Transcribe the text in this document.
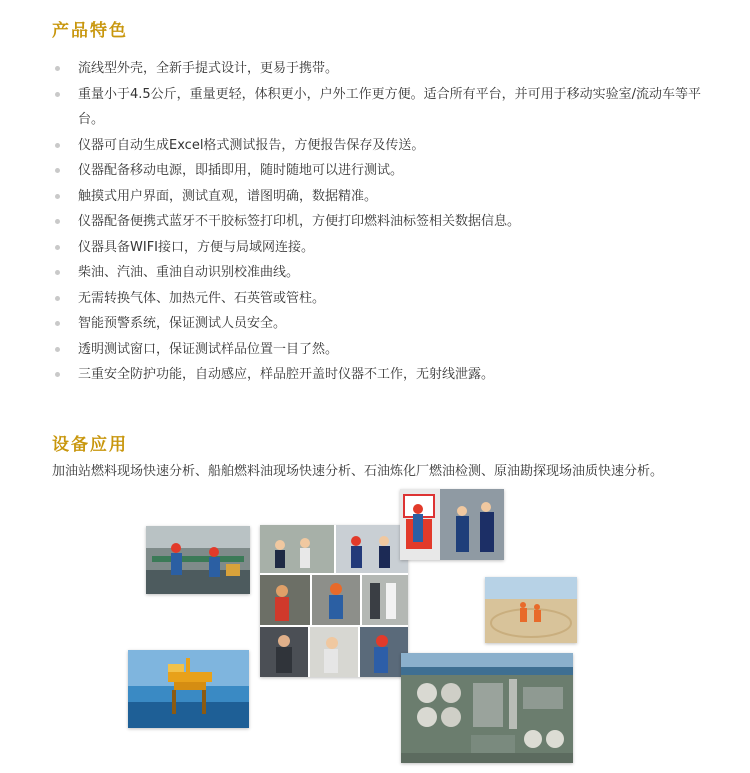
产品特色
流线型外壳，全新手提式设计，更易于携带。
重量小于4.5公斤，重量更轻，体积更小，户外工作更方便。适合所有平台，并可用于移动实验室/流动车等平台。
仪器可自动生成Excel格式测试报告，方便报告保存及传送。
仪器配备移动电源，即插即用，随时随地可以进行测试。
触摸式用户界面，测试直观，谱图明确，数据精准。
仪器配备便携式蓝牙不干胶标签打印机，方便打印燃料油标签相关数据信息。
仪器具备WIFI接口，方便与局域网连接。
柴油、汽油、重油自动识别校准曲线。
无需转换气体、加热元件、石英管或管柱。
智能预警系统，保证测试人员安全。
透明测试窗口，保证测试样品位置一目了然。
三重安全防护功能，自动感应，样品腔开盖时仪器不工作，无射线泄露。
设备应用

加油站燃料现场快速分析、船舶燃料油现场快速分析、石油炼化厂燃油检测、原油勘探现场油质快速分析。
